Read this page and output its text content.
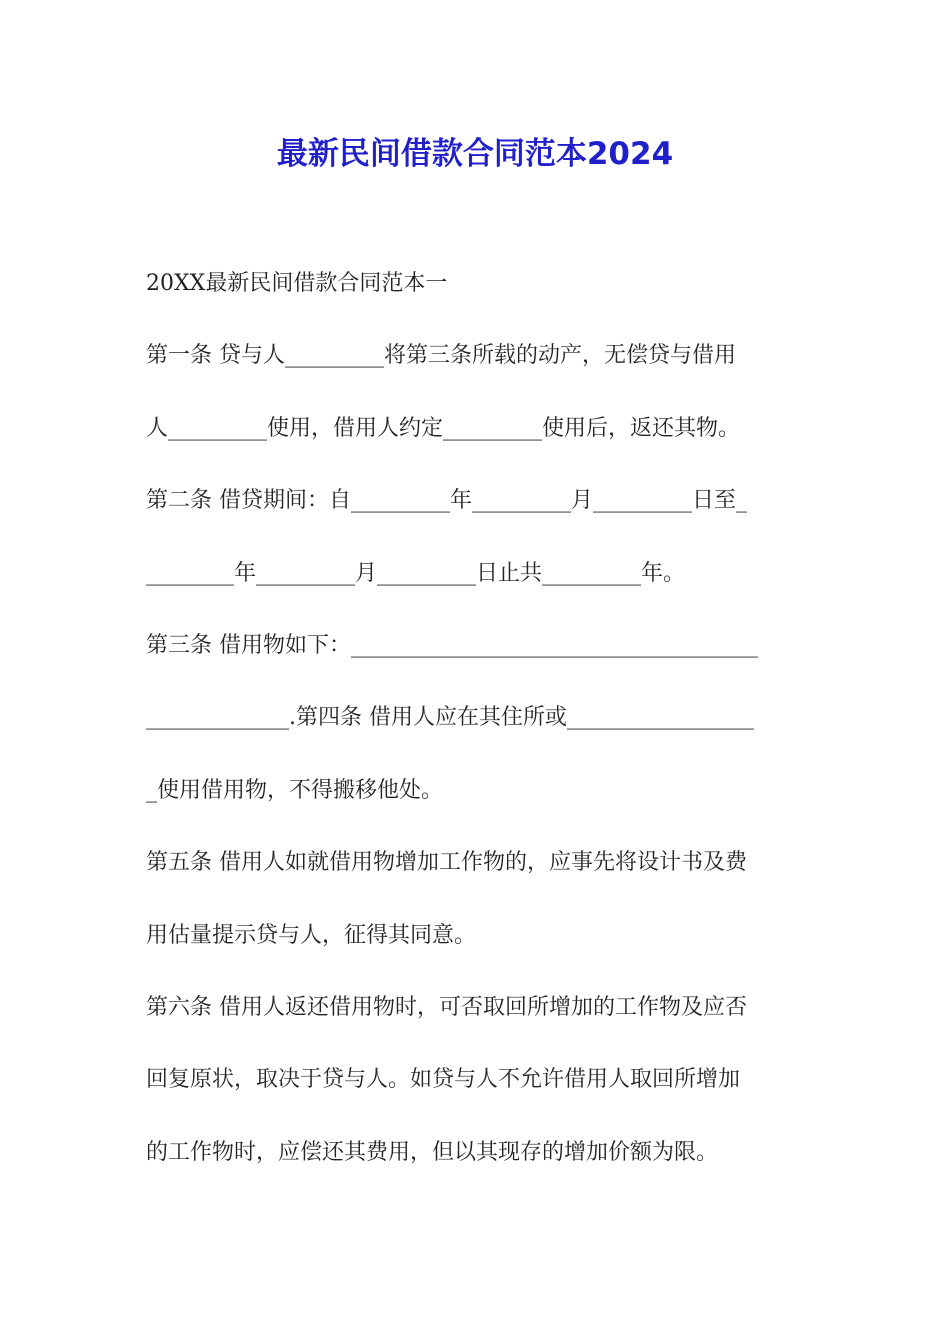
最新民间借款合同范本2024
20XX最新民间借款合同范本一
第一条 贷与人_________将第三条所载的动产，无偿贷与借用
人_________使用，借用人约定_________使用后，返还其物。
第二条 借贷期间：自_________年_________月_________日至_
________年_________月_________日止共_________年。
第三条 借用物如下：_____________________________________
_____________.第四条 借用人应在其住所或_________________
_使用借用物，不得搬移他处。
第五条 借用人如就借用物增加工作物的，应事先将设计书及费
用估量提示贷与人，征得其同意。
第六条 借用人返还借用物时，可否取回所增加的工作物及应否
回复原状，取决于贷与人。如贷与人不允许借用人取回所增加
的工作物时，应偿还其费用，但以其现存的增加价额为限。
